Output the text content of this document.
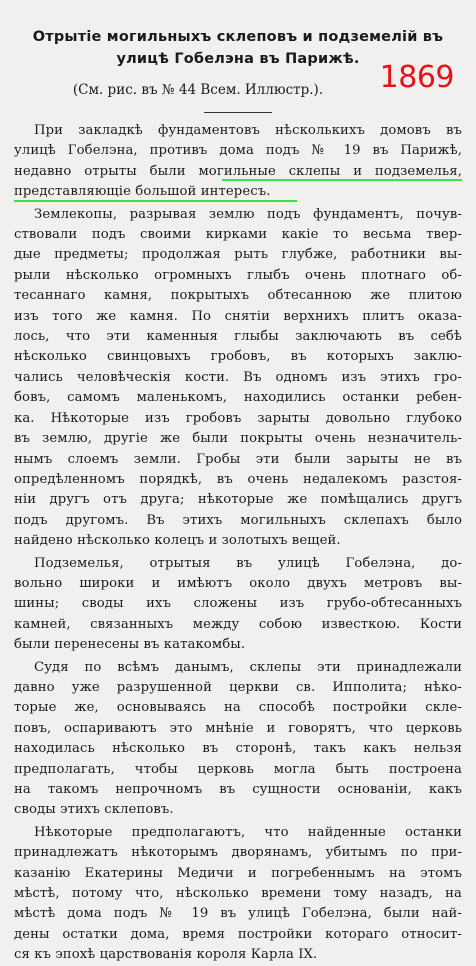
Отрытіе могильныхъ склеповъ и подземелій въ
улицѣ Гобелэна въ Парижѣ.
(См. рис. въ № 44 Всем. Иллюстр.). 1869
При закладкѣ фундаментовъ нѣсколькихъ домовъ въ
улицѣ Гобелэна, противъ дома подъ № 19 въ Парижѣ,
недавно отрыты были могильные склепы и подземелья,
представляющіе большой интересъ.
Землекопы, разрывая землю подъ фундаментъ, почув-
ствовали подъ своими кирками какіе то весьма твер-
дые предметы; продолжая рыть глубже, работники вы-
рыли нѣсколько огромныхъ глыбъ очень плотнаго об-
тесаннаго камня, покрытыхъ обтесанною же плитою
изъ того же камня. По снятіи верхнихъ плитъ оказа-
лось, что эти каменныя глыбы заключають въ себѣ
нѣсколько свинцовыхъ гробовъ, въ которыхъ заклю-
чались человѣческія кости. Въ одномъ изъ этихъ гро-
бовъ, самомъ маленькомъ, находились останки ребен-
ка. Нѣкоторые изъ гробовъ зарыты довольно глубоко
въ землю, другіе же были покрыты очень незначитель-
нымъ слоемъ земли. Гробы эти были зарыты не въ
опредѣленномъ порядкѣ, въ очень недалекомъ разстоя-
ніи другъ отъ друга; нѣкоторые же помѣщались другъ
подъ другомъ. Въ этихъ могильныхъ склепахъ было
найдено нѣсколько колецъ и золотыхъ вещей.
Подземелья, отрытыя въ улицѣ Гобелэна, до-
вольно широки и имѣютъ около двухъ метровъ вы-
шины; своды ихъ сложены изъ грубо-обтесанныхъ
камней, связанныхъ между собою известкою. Кости
были перенесены въ катакомбы.
Судя по всѣмъ данымъ, склепы эти принадлежали
давно уже разрушенной церкви св. Ипполита; нѣко-
торые же, основываясь на способѣ постройки склe-
повъ, оспариваютъ это мнѣніе и говорятъ, что церковь
находилась нѣсколько въ сторонѣ, такъ какъ нельзя
предполагать, чтобы церковь могла быть построена
на такомъ непрочномъ въ сущности основаніи, какъ
своды этихъ склеповъ.
Нѣкоторые предполагаютъ, что найденные останки
принадлежатъ нѣкоторымъ дворянамъ, убитымъ по при-
казанію Екатерины Медичи и погребеннымъ на этомъ
мѣстѣ, потому что, нѣсколько времени тому назадъ, на
мѣстѣ дома подъ № 19 въ улицѣ Гобелэна, были най-
дены остатки дома, время постройки котораго относит-
ся къ эпохѣ царствованія короля Карла IX.
